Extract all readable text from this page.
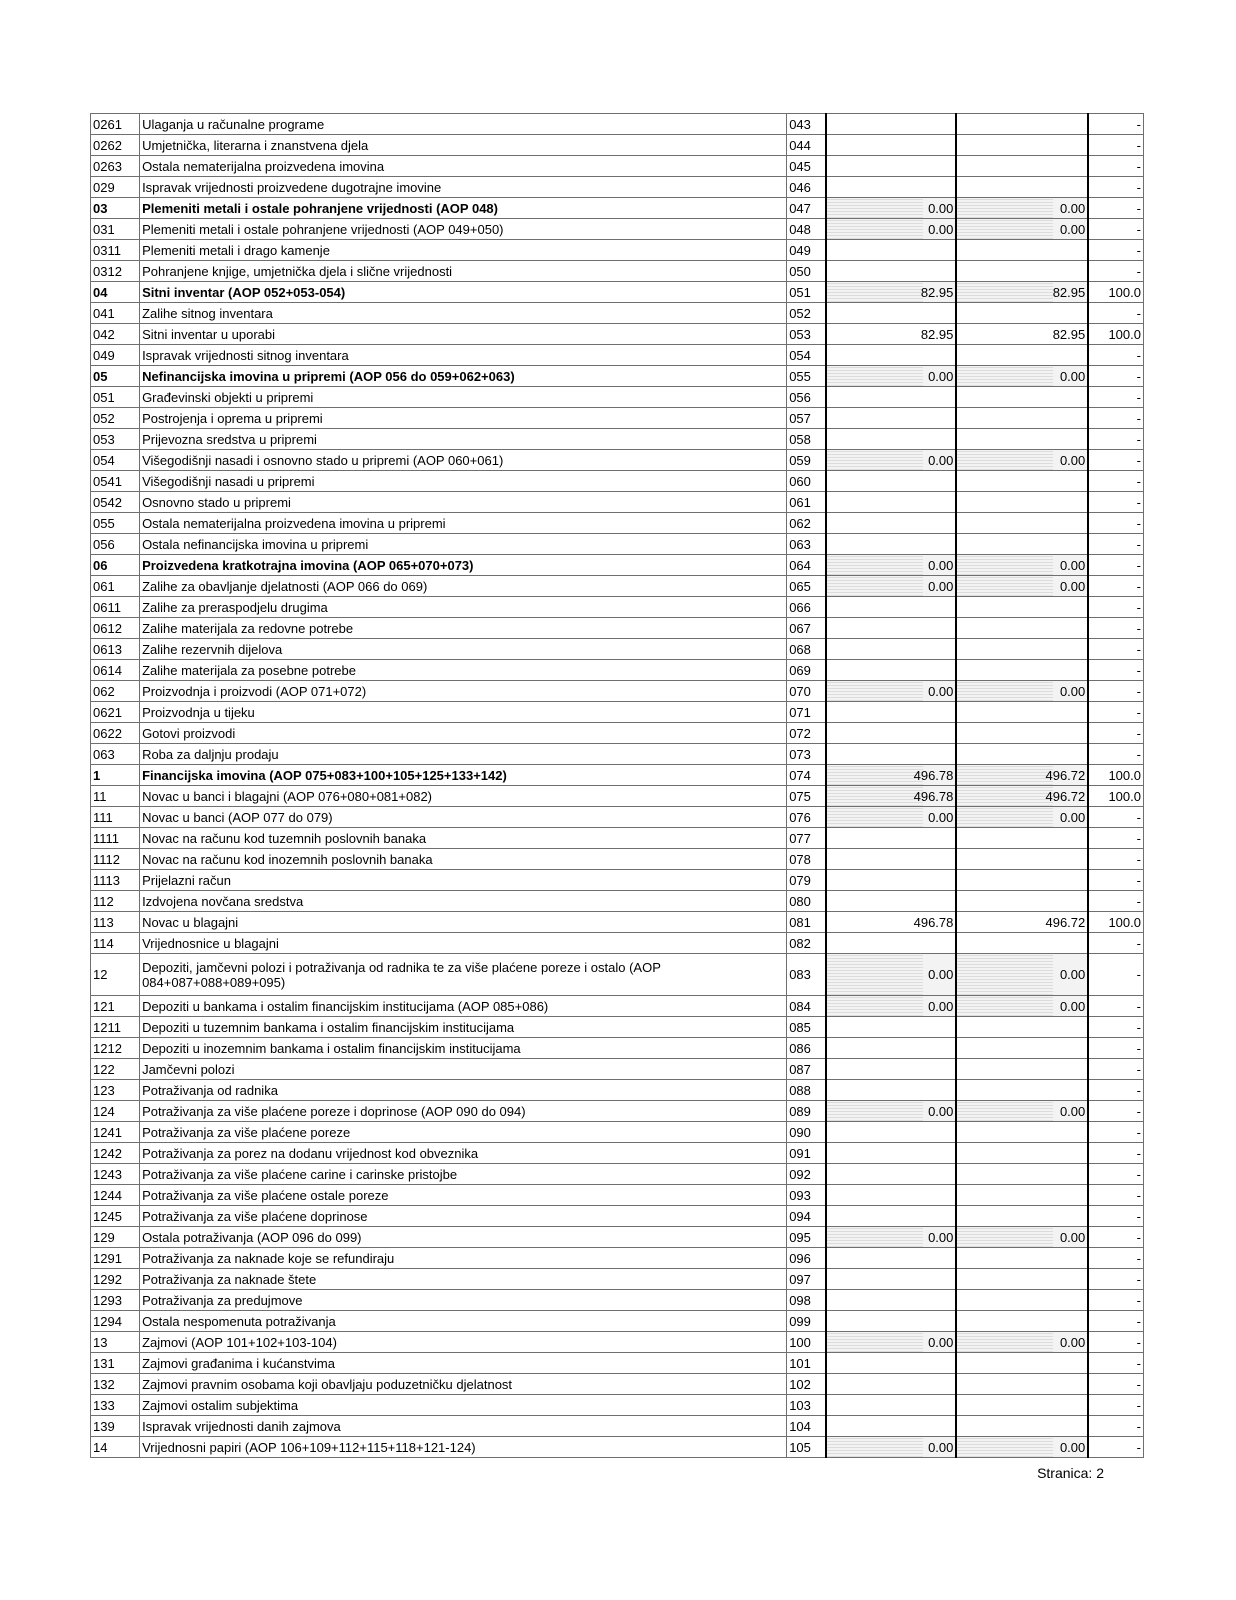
0261	Ulaganja u računalne programe	043			-
0262	Umjetnička, literarna i znanstvena djela	044			-
0263	Ostala nematerijalna proizvedena imovina	045			-
029	Ispravak vrijednosti proizvedene dugotrajne imovine	046			-
03	Plemeniti metali i ostale pohranjene vrijednosti (AOP 048)	047	0.00	0.00	-
031	Plemeniti metali i ostale pohranjene vrijednosti (AOP 049+050)	048	0.00	0.00	-
0311	Plemeniti metali i drago kamenje	049			-
0312	Pohranjene knjige, umjetnička djela i slične vrijednosti	050			-
04	Sitni inventar (AOP 052+053-054)	051	82.95	82.95	100.0
041	Zalihe sitnog inventara	052			-
042	Sitni inventar u uporabi	053	82.95	82.95	100.0
049	Ispravak vrijednosti sitnog inventara	054			-
05	Nefinancijska imovina u pripremi (AOP 056 do 059+062+063)	055	0.00	0.00	-
051	Građevinski objekti u pripremi	056			-
052	Postrojenja i oprema u pripremi	057			-
053	Prijevozna sredstva u pripremi	058			-
054	Višegodišnji nasadi i osnovno stado u pripremi (AOP 060+061)	059	0.00	0.00	-
0541	Višegodišnji nasadi u pripremi	060			-
0542	Osnovno stado u pripremi	061			-
055	Ostala nematerijalna proizvedena imovina u pripremi	062			-
056	Ostala nefinancijska imovina u pripremi	063			-
06	Proizvedena kratkotrajna imovina (AOP 065+070+073)	064	0.00	0.00	-
061	Zalihe za obavljanje djelatnosti (AOP 066 do 069)	065	0.00	0.00	-
0611	Zalihe za preraspodjelu drugima	066			-
0612	Zalihe materijala za redovne potrebe	067			-
0613	Zalihe rezervnih dijelova	068			-
0614	Zalihe materijala za posebne potrebe	069			-
062	Proizvodnja i proizvodi (AOP 071+072)	070	0.00	0.00	-
0621	Proizvodnja u tijeku	071			-
0622	Gotovi proizvodi	072			-
063	Roba za daljnju prodaju	073			-
1	Financijska imovina (AOP 075+083+100+105+125+133+142)	074	496.78	496.72	100.0
11	Novac u banci i blagajni (AOP 076+080+081+082)	075	496.78	496.72	100.0
111	Novac u banci (AOP 077 do 079)	076	0.00	0.00	-
1111	Novac na računu kod tuzemnih poslovnih banaka	077			-
1112	Novac na računu kod inozemnih poslovnih banaka	078			-
1113	Prijelazni račun	079			-
112	Izdvojena novčana sredstva	080			-
113	Novac u blagajni	081	496.78	496.72	100.0
114	Vrijednosnice u blagajni	082			-
12	Depoziti, jamčevni polozi i potraživanja od radnika te za više plaćene poreze i ostalo (AOP 084+087+088+089+095)	083	0.00	0.00	-
121	Depoziti u bankama i ostalim financijskim institucijama (AOP 085+086)	084	0.00	0.00	-
1211	Depoziti u tuzemnim bankama i ostalim financijskim institucijama	085			-
1212	Depoziti u inozemnim bankama i ostalim financijskim institucijama	086			-
122	Jamčevni polozi	087			-
123	Potraživanja od radnika	088			-
124	Potraživanja za više plaćene poreze i doprinose (AOP 090 do 094)	089	0.00	0.00	-
1241	Potraživanja za više plaćene poreze	090			-
1242	Potraživanja za porez na dodanu vrijednost kod obveznika	091			-
1243	Potraživanja za više plaćene carine i carinske pristojbe	092			-
1244	Potraživanja za više plaćene ostale poreze	093			-
1245	Potraživanja za više plaćene doprinose	094			-
129	Ostala potraživanja (AOP 096 do 099)	095	0.00	0.00	-
1291	Potraživanja za naknade koje se refundiraju	096			-
1292	Potraživanja za naknade štete	097			-
1293	Potraživanja za predujmove	098			-
1294	Ostala nespomenuta potraživanja	099			-
13	Zajmovi (AOP 101+102+103-104)	100	0.00	0.00	-
131	Zajmovi građanima i kućanstvima	101			-
132	Zajmovi pravnim osobama koji obavljaju poduzetničku djelatnost	102			-
133	Zajmovi ostalim subjektima	103			-
139	Ispravak vrijednosti danih zajmova	104			-
14	Vrijednosni papiri (AOP 106+109+112+115+118+121-124)	105	0.00	0.00	-
Stranica: 2
